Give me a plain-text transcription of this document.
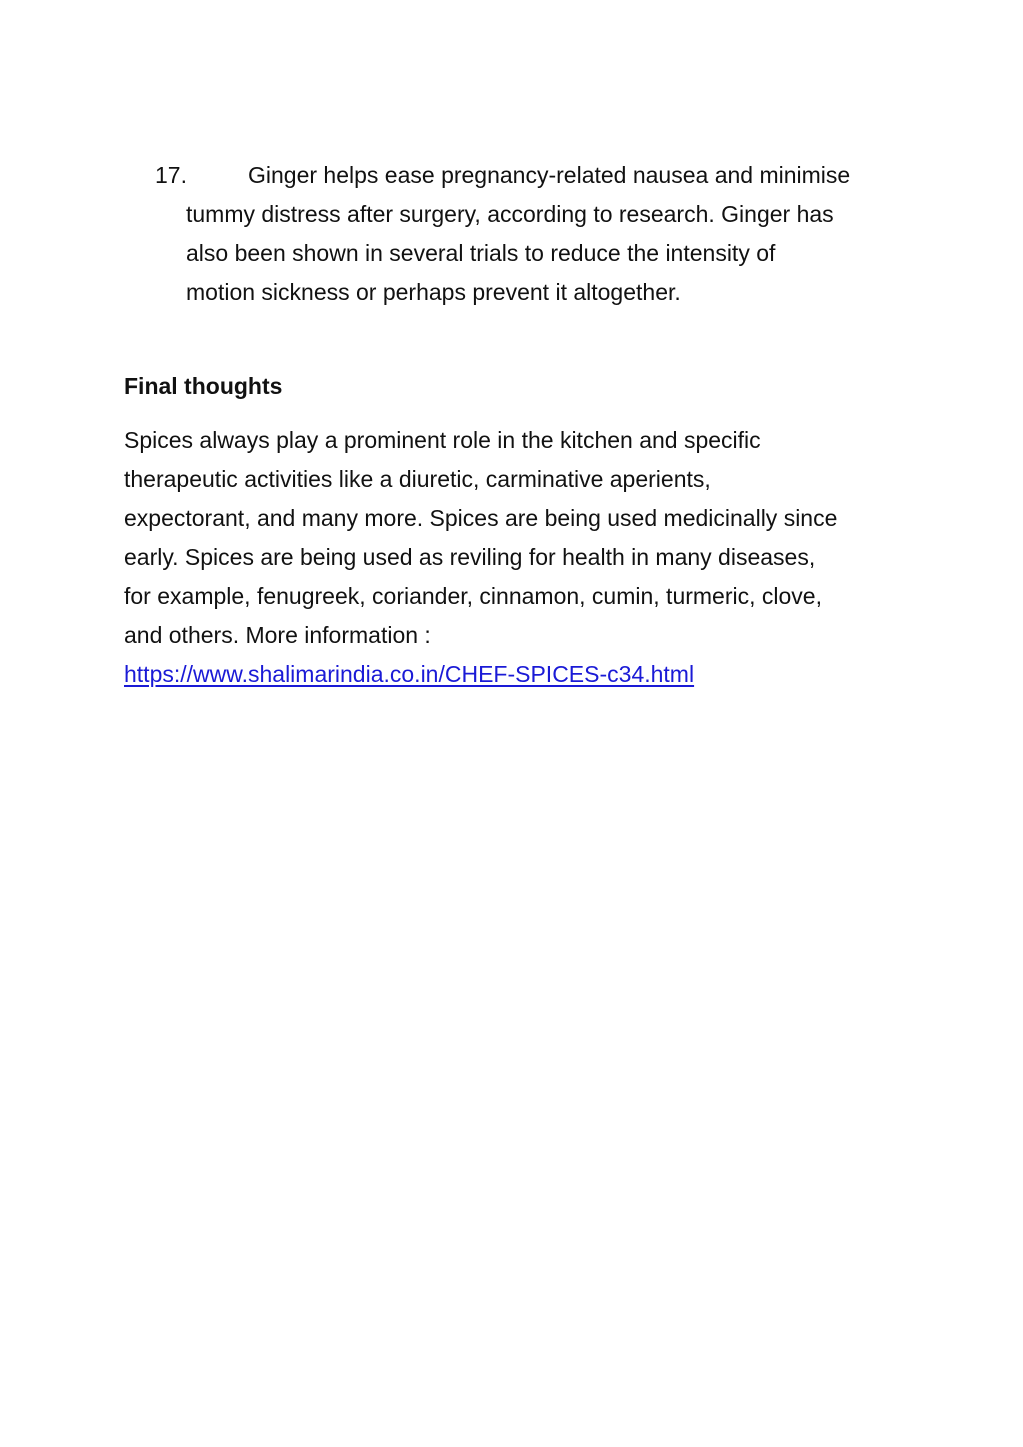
17.	Ginger helps ease pregnancy-related nausea and minimise
tummy distress after surgery, according to research. Ginger has
also been shown in several trials to reduce the intensity of
motion sickness or perhaps prevent it altogether.
Final thoughts

Spices always play a prominent role in the kitchen and specific
therapeutic activities like a diuretic, carminative aperients,
expectorant, and many more. Spices are being used medicinally since
early. Spices are being used as reviling for health in many diseases,
for example, fenugreek, coriander, cinnamon, cumin, turmeric, clove,
and others. More information :
https://www.shalimarindia.co.in/CHEF-SPICES-c34.html
